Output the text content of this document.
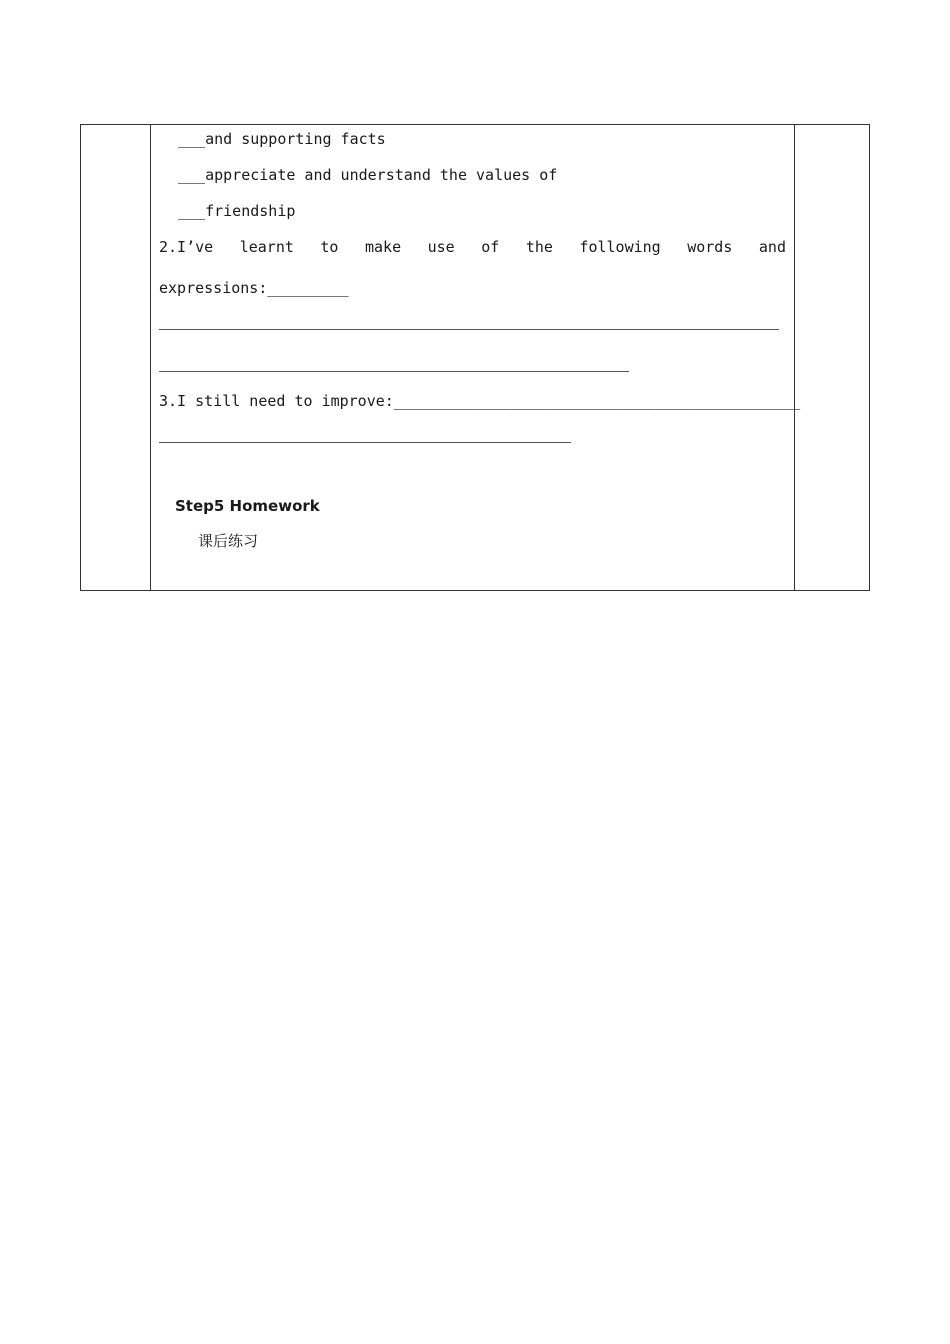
___and supporting facts
___appreciate and understand the values of
___friendship
2.I’ve learnt to make use of the following words and
expressions:_________
3.I still need to improve:_____________________________________________
Step5 Homework
课后练习
